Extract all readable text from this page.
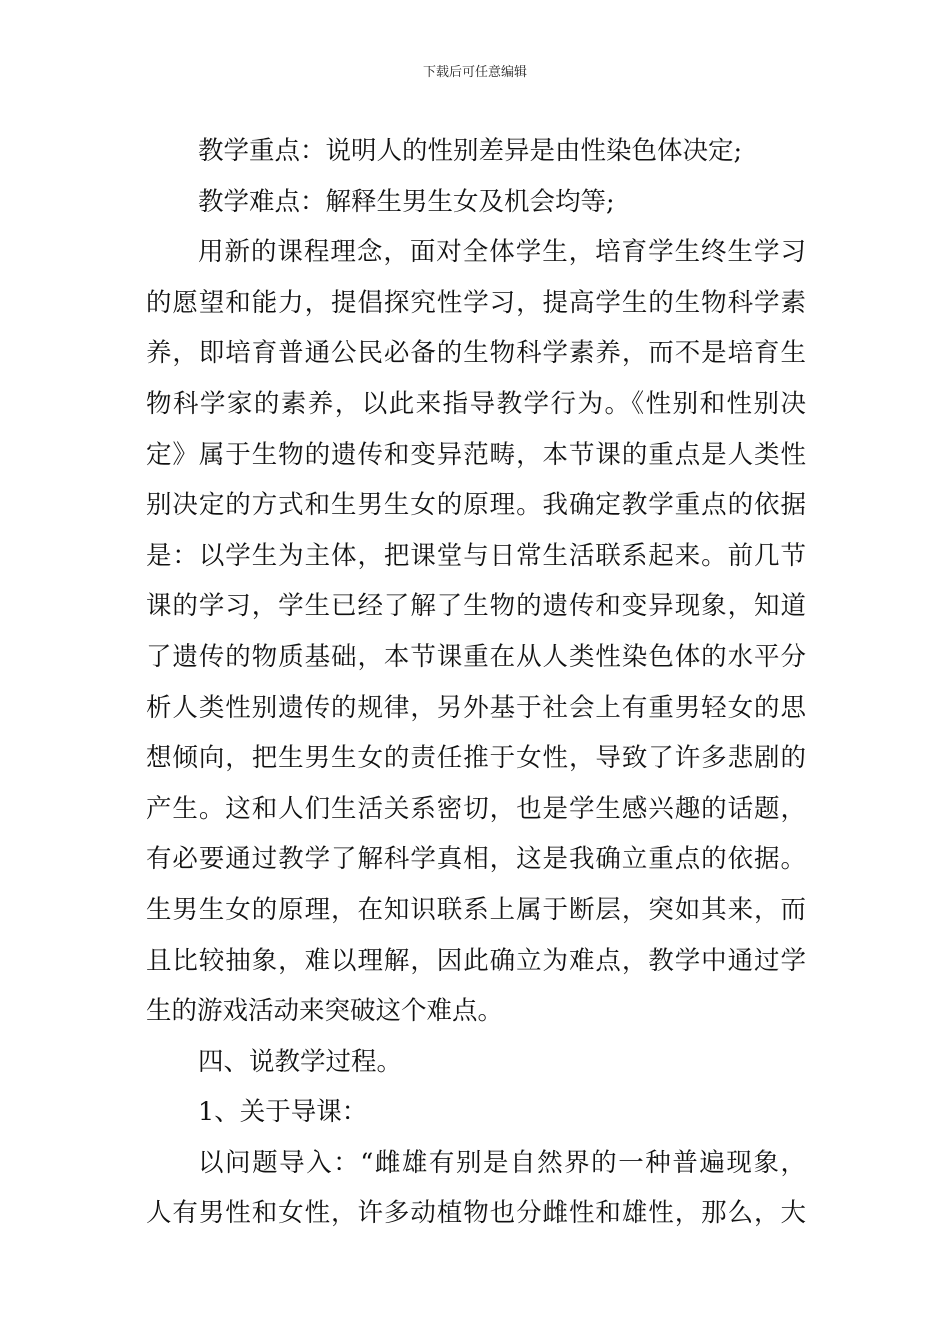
下载后可任意编辑
教学重点：说明人的性别差异是由性染色体决定;
教学难点：解释生男生女及机会均等;
用新的课程理念，面对全体学生，培育学生终生学习
的愿望和能力，提倡探究性学习，提高学生的生物科学素
养，即培育普通公民必备的生物科学素养，而不是培育生
物科学家的素养，以此来指导教学行为。《性别和性别决
定》属于生物的遗传和变异范畴，本节课的重点是人类性
别决定的方式和生男生女的原理。我确定教学重点的依据
是：以学生为主体，把课堂与日常生活联系起来。前几节
课的学习，学生已经了解了生物的遗传和变异现象，知道
了遗传的物质基础，本节课重在从人类性染色体的水平分
析人类性别遗传的规律，另外基于社会上有重男轻女的思
想倾向，把生男生女的责任推于女性，导致了许多悲剧的
产生。这和人们生活关系密切，也是学生感兴趣的话题，
有必要通过教学了解科学真相，这是我确立重点的依据。
生男生女的原理，在知识联系上属于断层，突如其来，而
且比较抽象，难以理解，因此确立为难点，教学中通过学
生的游戏活动来突破这个难点。
四、说教学过程。
1、关于导课：
以问题导入：“雌雄有别是自然界的一种普遍现象，
人有男性和女性，许多动植物也分雌性和雄性，那么，大
